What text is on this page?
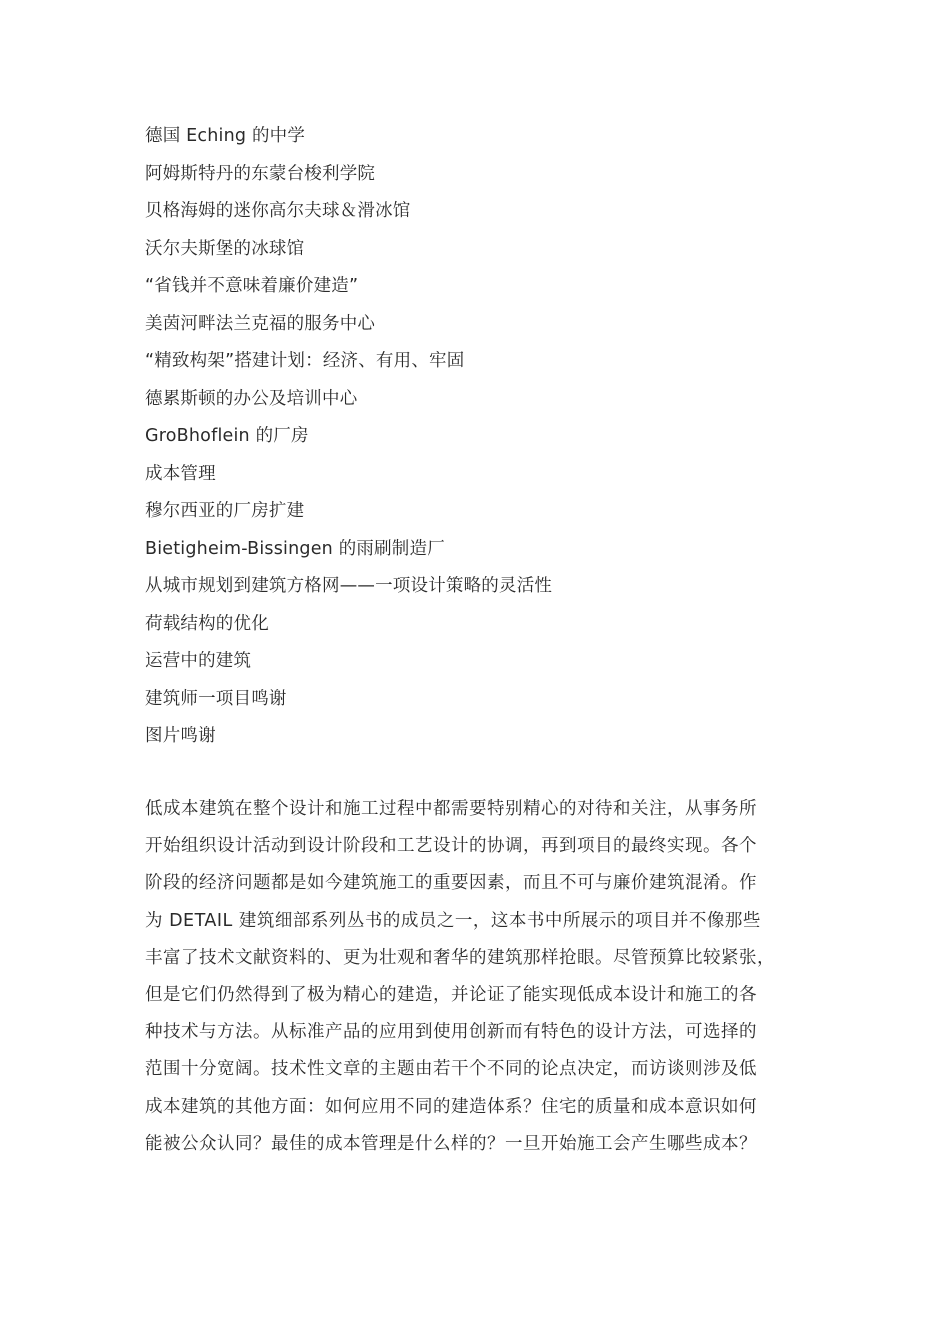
德国 Eching 的中学
阿姆斯特丹的东蒙台梭利学院
贝格海姆的迷你高尔夫球＆滑冰馆
沃尔夫斯堡的冰球馆
“省钱并不意味着廉价建造”
美茵河畔法兰克福的服务中心
“精致构架”搭建计划：经济、有用、牢固
德累斯顿的办公及培训中心
GroBhoflein 的厂房
成本管理
穆尔西亚的厂房扩建
Bietigheim-Bissingen 的雨刷制造厂
从城市规划到建筑方格网——一项设计策略的灵活性
荷载结构的优化
运营中的建筑
建筑师一项目鸣谢
图片鸣谢

低成本建筑在整个设计和施工过程中都需要特别精心的对待和关注，从事务所
开始组织设计活动到设计阶段和工艺设计的协调，再到项目的最终实现。各个
阶段的经济问题都是如今建筑施工的重要因素，而且不可与廉价建筑混淆。作
为 DETAIL 建筑细部系列丛书的成员之一，这本书中所展示的项目并不像那些
丰富了技术文献资料的、更为壮观和奢华的建筑那样抢眼。尽管预算比较紧张，
但是它们仍然得到了极为精心的建造，并论证了能实现低成本设计和施工的各
种技术与方法。从标准产品的应用到使用创新而有特色的设计方法，可选择的
范围十分宽阔。技术性文章的主题由若干个不同的论点决定，而访谈则涉及低
成本建筑的其他方面：如何应用不同的建造体系？住宅的质量和成本意识如何
能被公众认同？最佳的成本管理是什么样的？一旦开始施工会产生哪些成本？
